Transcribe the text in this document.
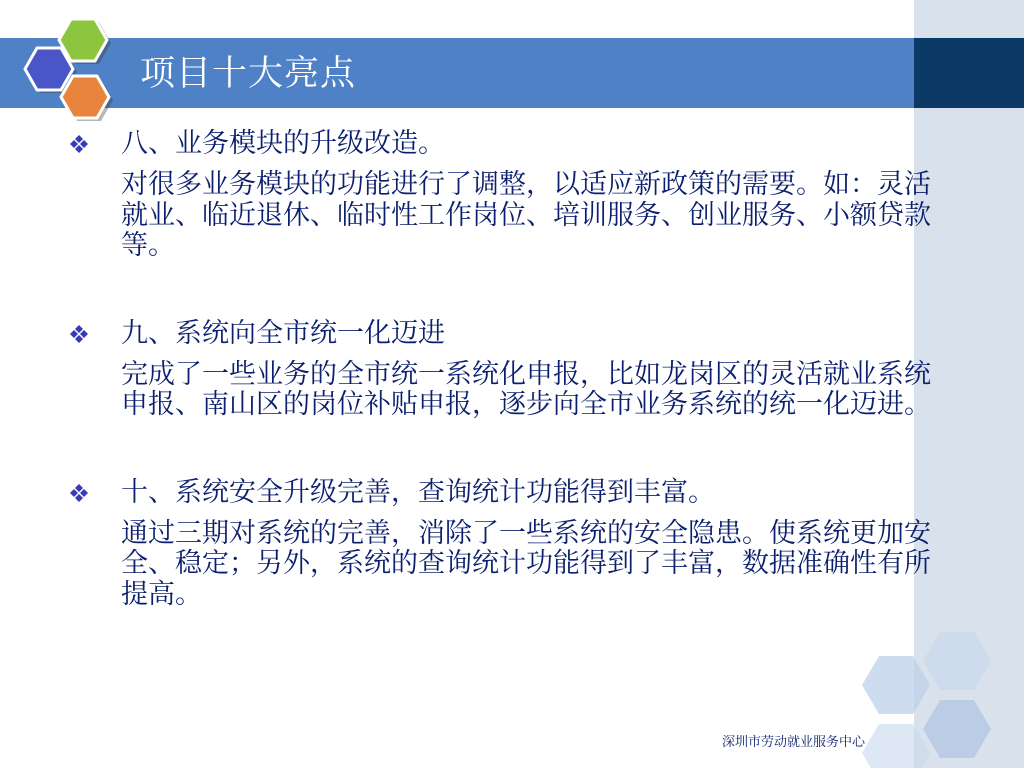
项目十大亮点
八、业务模块的升级改造。
对很多业务模块的功能进行了调整，以适应新政策的需要。如：灵活就业、临近退休、临时性工作岗位、培训服务、创业服务、小额贷款等。
九、系统向全市统一化迈进
完成了一些业务的全市统一系统化申报，比如龙岗区的灵活就业系统申报、南山区的岗位补贴申报，逐步向全市业务系统的统一化迈进。
十、系统安全升级完善，查询统计功能得到丰富。
通过三期对系统的完善，消除了一些系统的安全隐患。使系统更加安全、稳定；另外，系统的查询统计功能得到了丰富，数据准确性有所提高。
深圳市劳动就业服务中心
